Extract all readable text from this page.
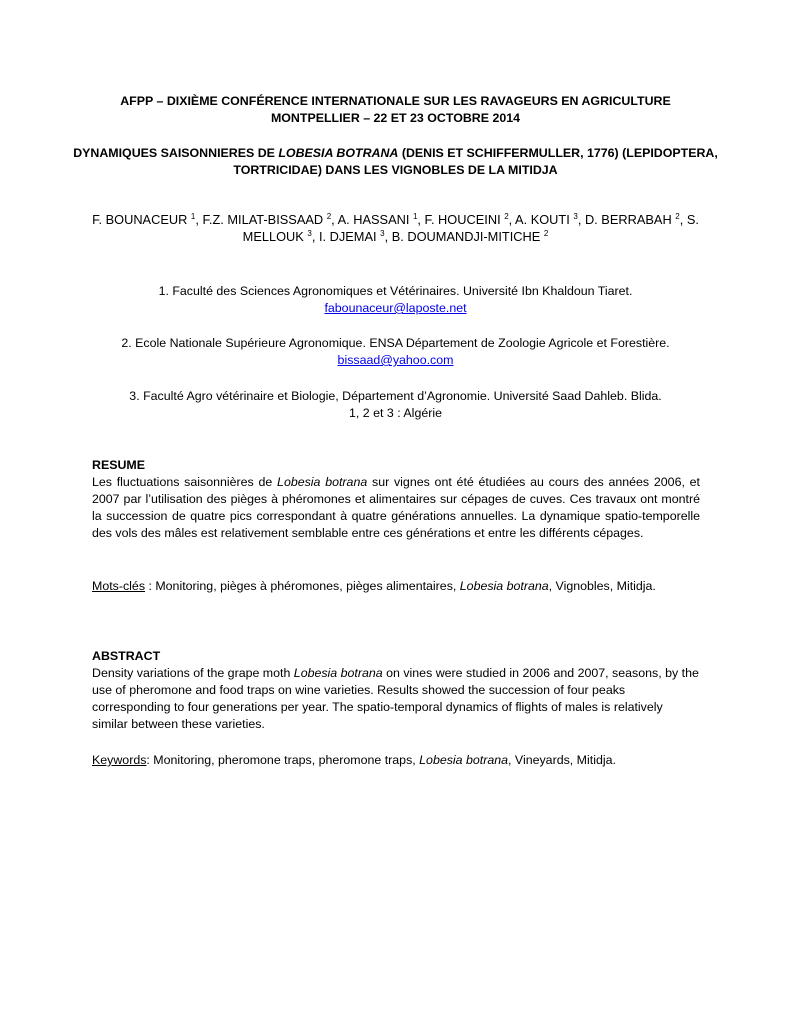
AFPP – DIXIÈME CONFÉRENCE INTERNATIONALE SUR LES RAVAGEURS EN AGRICULTURE
MONTPELLIER – 22 ET 23 OCTOBRE 2014
DYNAMIQUES SAISONNIERES DE LOBESIA BOTRANA (DENIS ET SCHIFFERMULLER, 1776) (LEPIDOPTERA,
TORTRICIDAE) DANS LES VIGNOBLES DE LA MITIDJA
F. BOUNACEUR $^1$, F.Z. MILAT-BISSAAD $^2$, A. HASSANI $^1$, F. HOUCEINI $^2$, A. KOUTI $^3$, D. BERRABAH $^2$, S.
MELLOUK $^3$, I. DJEMAI $^3$, B. DOUMANDJI-MITICHE $^2$
1. Faculté des Sciences Agronomiques et Vétérinaires. Université Ibn Khaldoun Tiaret.
fabounaceur@laposte.net
2. Ecole Nationale Supérieure Agronomique. ENSA Département de Zoologie Agricole et Forestière.
bissaad@yahoo.com
3. Faculté Agro vétérinaire et Biologie, Département d’Agronomie. Université Saad Dahleb. Blida.
1, 2 et 3 : Algérie
RESUME

Les fluctuations saisonnières de Lobesia botrana sur vignes ont été étudiées au cours des années 2006, et 2007 par l’utilisation des pièges à phéromones et alimentaires sur cépages de cuves. Ces travaux ont montré la succession de quatre pics correspondant à quatre générations annuelles. La dynamique spatio-temporelle des vols des mâles est relativement semblable entre ces générations et entre les différents cépages.

Mots-clés : Monitoring, pièges à phéromones, pièges alimentaires, Lobesia botrana, Vignobles, Mitidja.

ABSTRACT

Density variations of the grape moth Lobesia botrana on vines were studied in 2006 and 2007, seasons, by the use of pheromone and food traps on wine varieties. Results showed the succession of four peaks corresponding to four generations per year. The spatio-temporal dynamics of flights of males is relatively similar between these varieties.

Keywords: Monitoring, pheromone traps, pheromone traps, Lobesia botrana, Vineyards, Mitidja.
